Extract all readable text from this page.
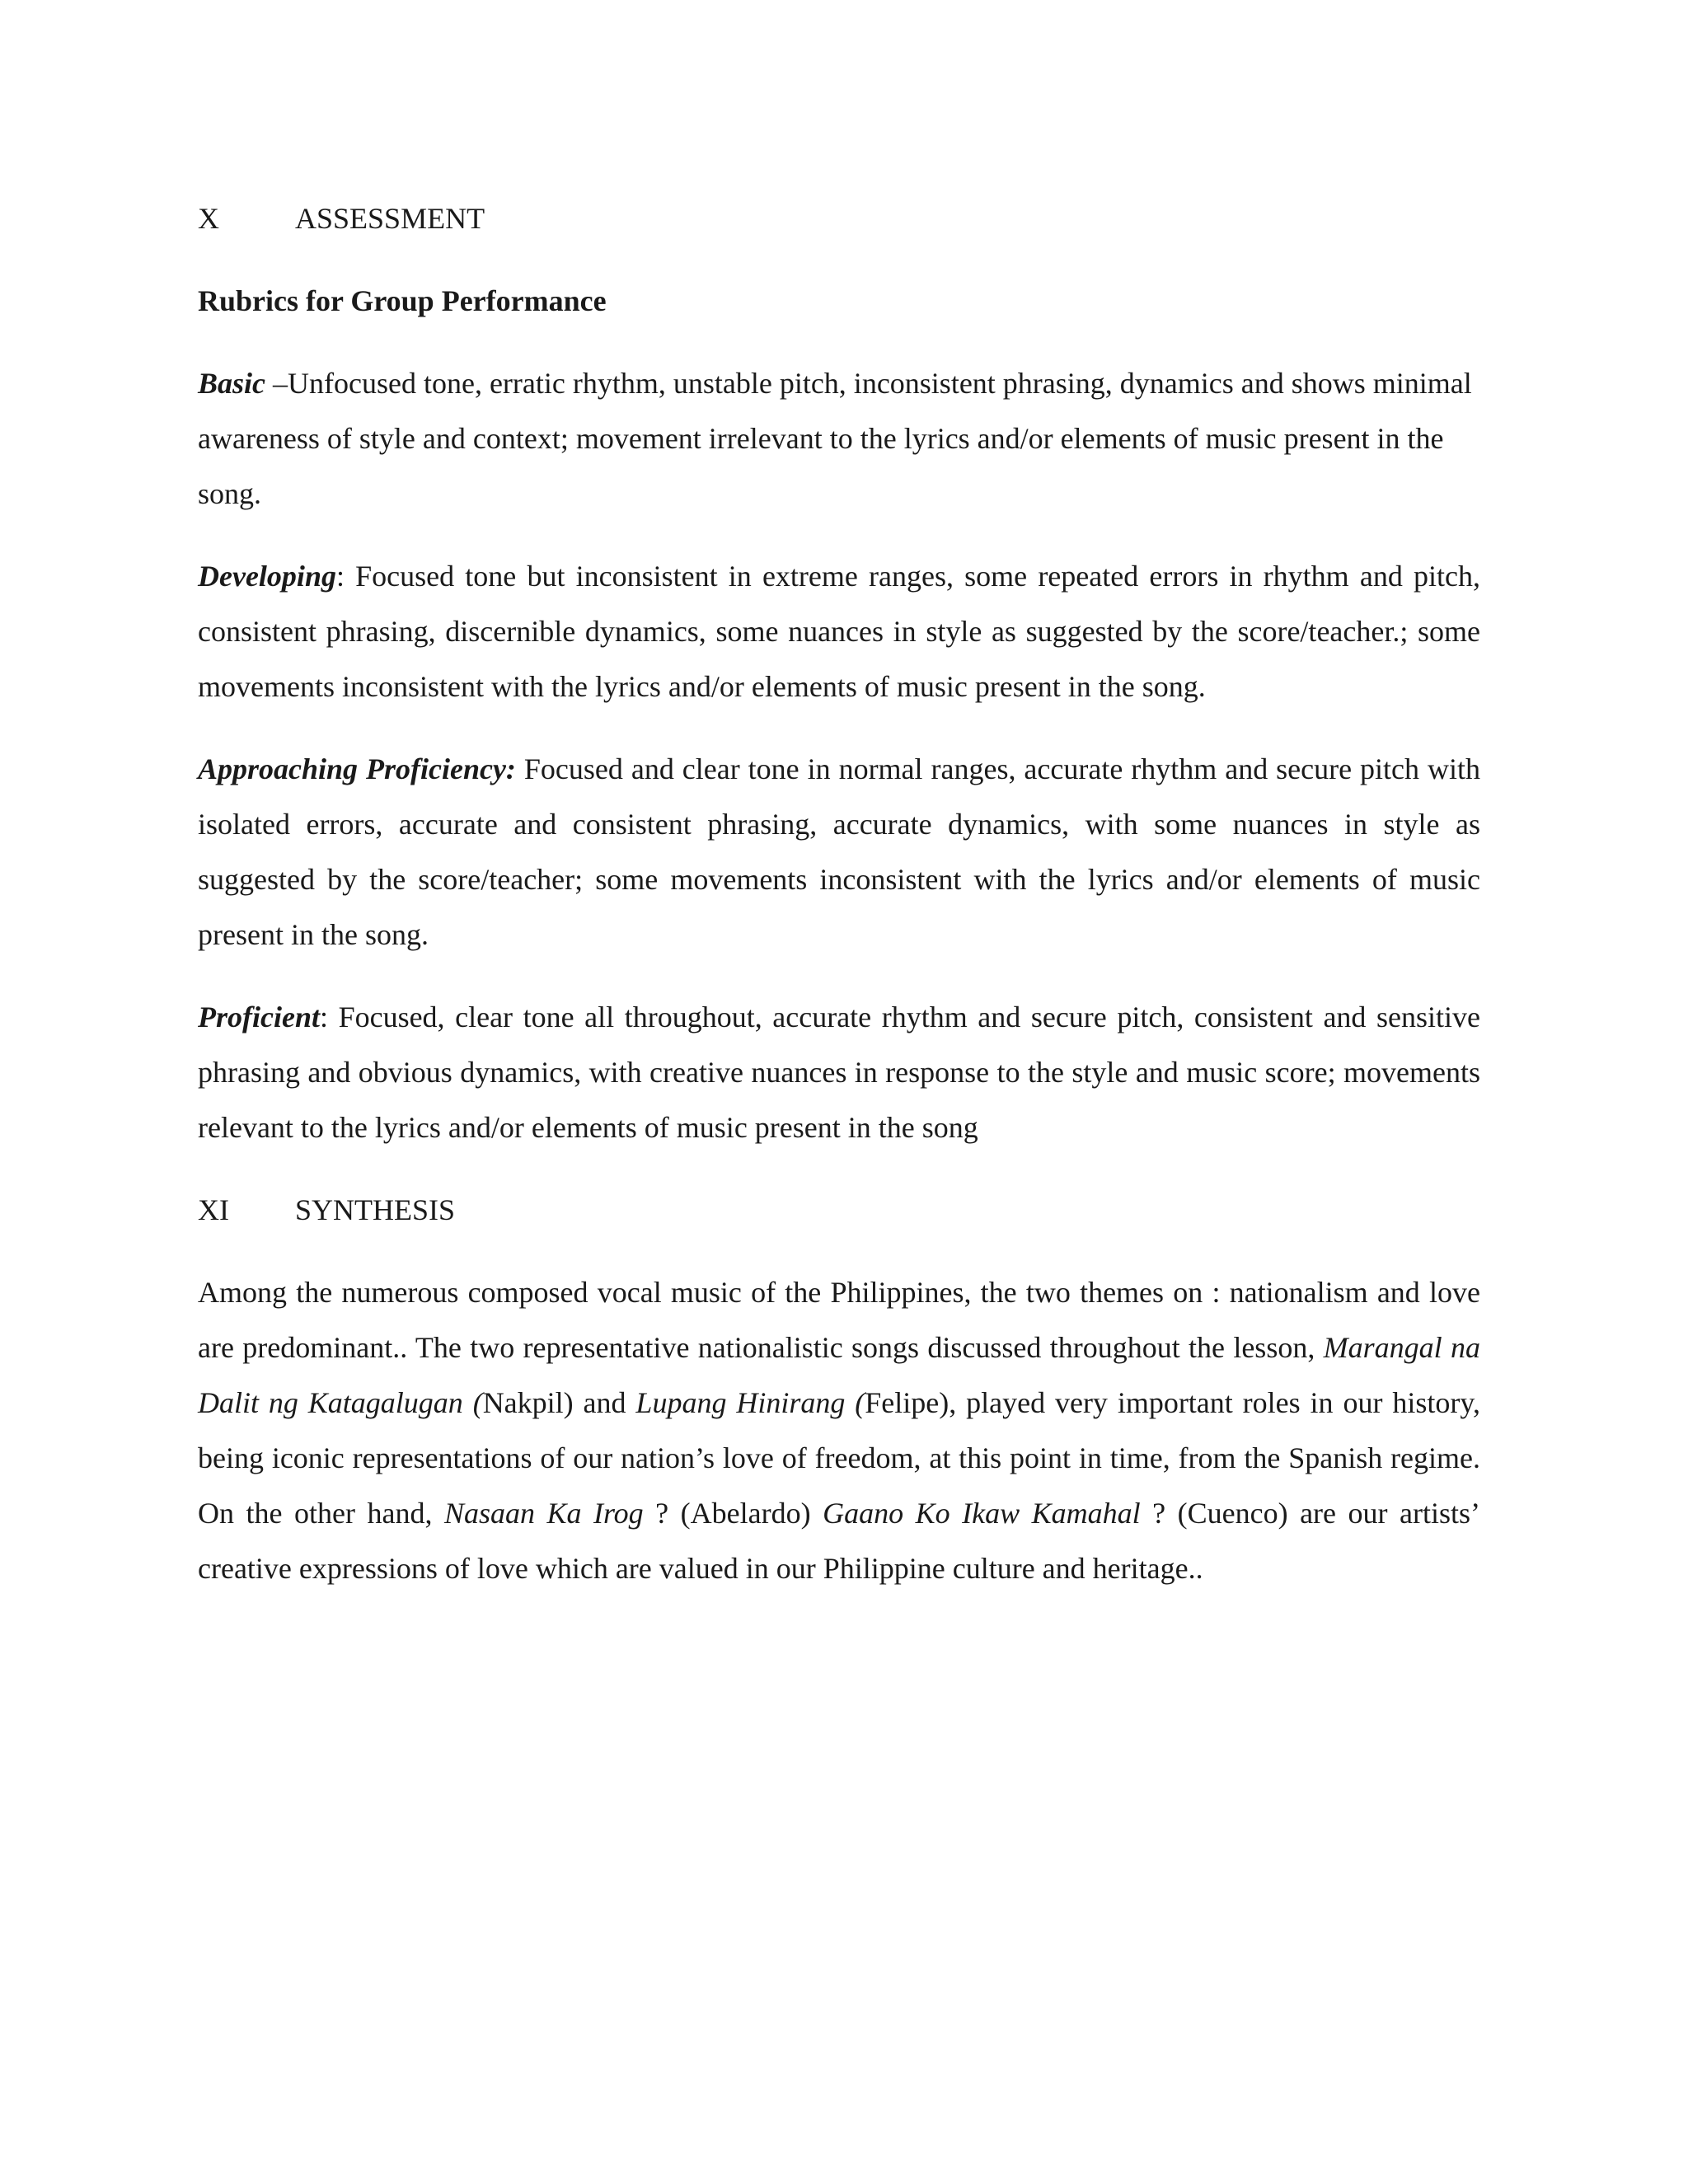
X	ASSESSMENT
Rubrics for Group Performance
Basic –Unfocused tone, erratic rhythm, unstable pitch, inconsistent phrasing, dynamics and shows minimal awareness of style and context; movement irrelevant to the lyrics and/or elements of music present in the song.
Developing: Focused tone but inconsistent in extreme ranges, some repeated errors in rhythm and pitch, consistent phrasing, discernible dynamics, some nuances in style as suggested by the score/teacher.; some movements inconsistent with the lyrics and/or elements of music present in the song.
Approaching Proficiency: Focused and clear tone in normal ranges, accurate rhythm and secure pitch with isolated errors, accurate and consistent phrasing, accurate dynamics, with some nuances in style as suggested by the score/teacher; some movements inconsistent with the lyrics and/or elements of music present in the song.
Proficient: Focused, clear tone all throughout, accurate rhythm and secure pitch, consistent and sensitive phrasing and obvious dynamics, with creative nuances in response to the style and music score; movements relevant to the lyrics and/or elements of music present in the song
XI	SYNTHESIS
Among the numerous composed vocal music of the Philippines, the two themes on : nationalism and love are predominant.. The two representative nationalistic songs discussed throughout the lesson, Marangal na Dalit ng Katagalugan (Nakpil) and Lupang Hinirang (Felipe), played very important roles in our history, being iconic representations of our nation’s love of freedom, at this point in time, from the Spanish regime. On the other hand, Nasaan Ka Irog ? (Abelardo) Gaano Ko Ikaw Kamahal ? (Cuenco) are our artists’ creative expressions of love which are valued in our Philippine culture and heritage..
